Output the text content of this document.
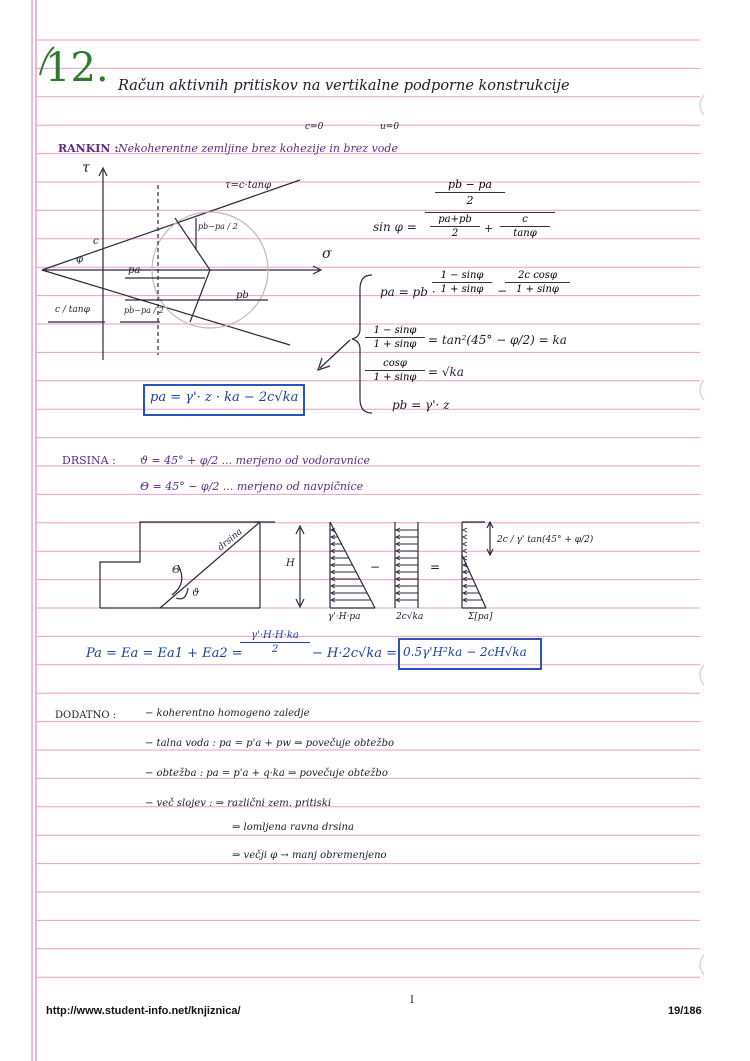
12. Račun aktivnih pritiskov na vertikalne podporne konstrukcije
RANKIN : Nekoherentne zemljine brez kohezije in brez vode
c=0	u=0
τ
σ
τ=c·tanφ
φ
c
c / tanφ
pa
pb
pb−pa / 2
pb−pa / 2
sin φ =
pb − pa
2
pa+pb
2	+
c
tanφ
pa = pb ·
1 − sinφ
1 + sinφ	−
2c cosφ
1 + sinφ
1 − sinφ
1 + sinφ = tan²(45° − φ/2) = ka
cosφ
1 + sinφ = √ka
pb = γ'· z
pa = γ'· z · ka − 2c√ka
DRSINA : ϑ = 45° + φ/2 ... merjeno od vodoravnice
Θ = 45° − φ/2 ... merjeno od navpičnice
drsina
H
Θ
ϑ
−	=
γ'·H·pa	2c√ka	Σ[pa]
2c / γ' tan(45° + φ/2)
Pa = Ea = Ea1 + Ea2 =
γ'·H·H·ka
2	− H·2c√ka = 0.5γ'H²ka − 2cH√ka
DODATNO :	− koherentno homogeno zaledje
− talna voda : pa = p'a + pw ⇒ povečuje obtežbo
− obtežba : pa = p'a + q·ka ⇒ povečuje obtežbo
− več slojev : ⇒ različni zem. pritiski
⇒ lomljena ravna drsina
⇒ večji φ → manj obremenjeno
http://www.student-info.net/knjiznica/	19/186
I
